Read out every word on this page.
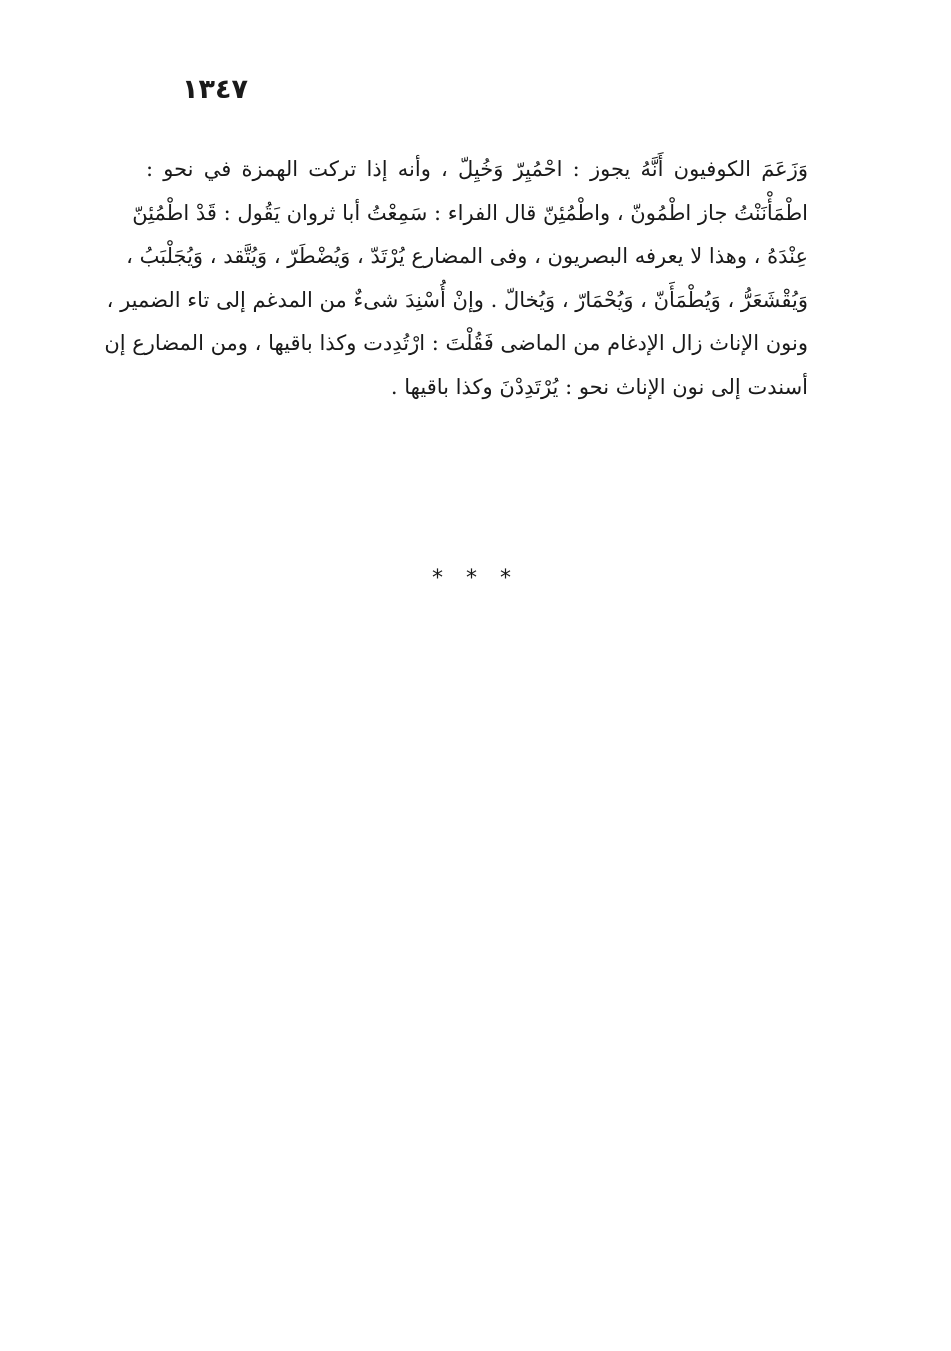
١٣٤٧
وَزَعَمَ الكوفيون أَنَّهُ يجوز : احْمُيِرّ وَخُيِلّ ، وأنه إذا تركت الهمزة في نحو :
اطْمَأْنَنْتُ جاز اطْمُونّ ، واطْمُئِنّ قال الفراء : سَمِعْتُ أبا ثروان يَقُول : قَدْ اطْمُئِنّ
عِنْدَهُ ، وهذا لا يعرفه البصريون ، وفى المضارع يُرْتَدّ ، وَيُضْطَرّ ، وَيُتَّقد ، وَيُجَلْبَبُ ،
وَيُقْشَعَرُّ ، وَيُطْمَأَنّ ، وَيُحْمَارّ ، وَيُخالّ . وإنْ أُسْنِدَ شىءٌ من المدغم إلى تاء الضمير ،
ونون الإناث زال الإدغام من الماضى فَقُلْتَ : ارْتُدِدت وكذا باقيها ، ومن المضارع إن
أسندت إلى نون الإناث نحو : يُرْتَدِدْنَ وكذا باقيها .
* * *
